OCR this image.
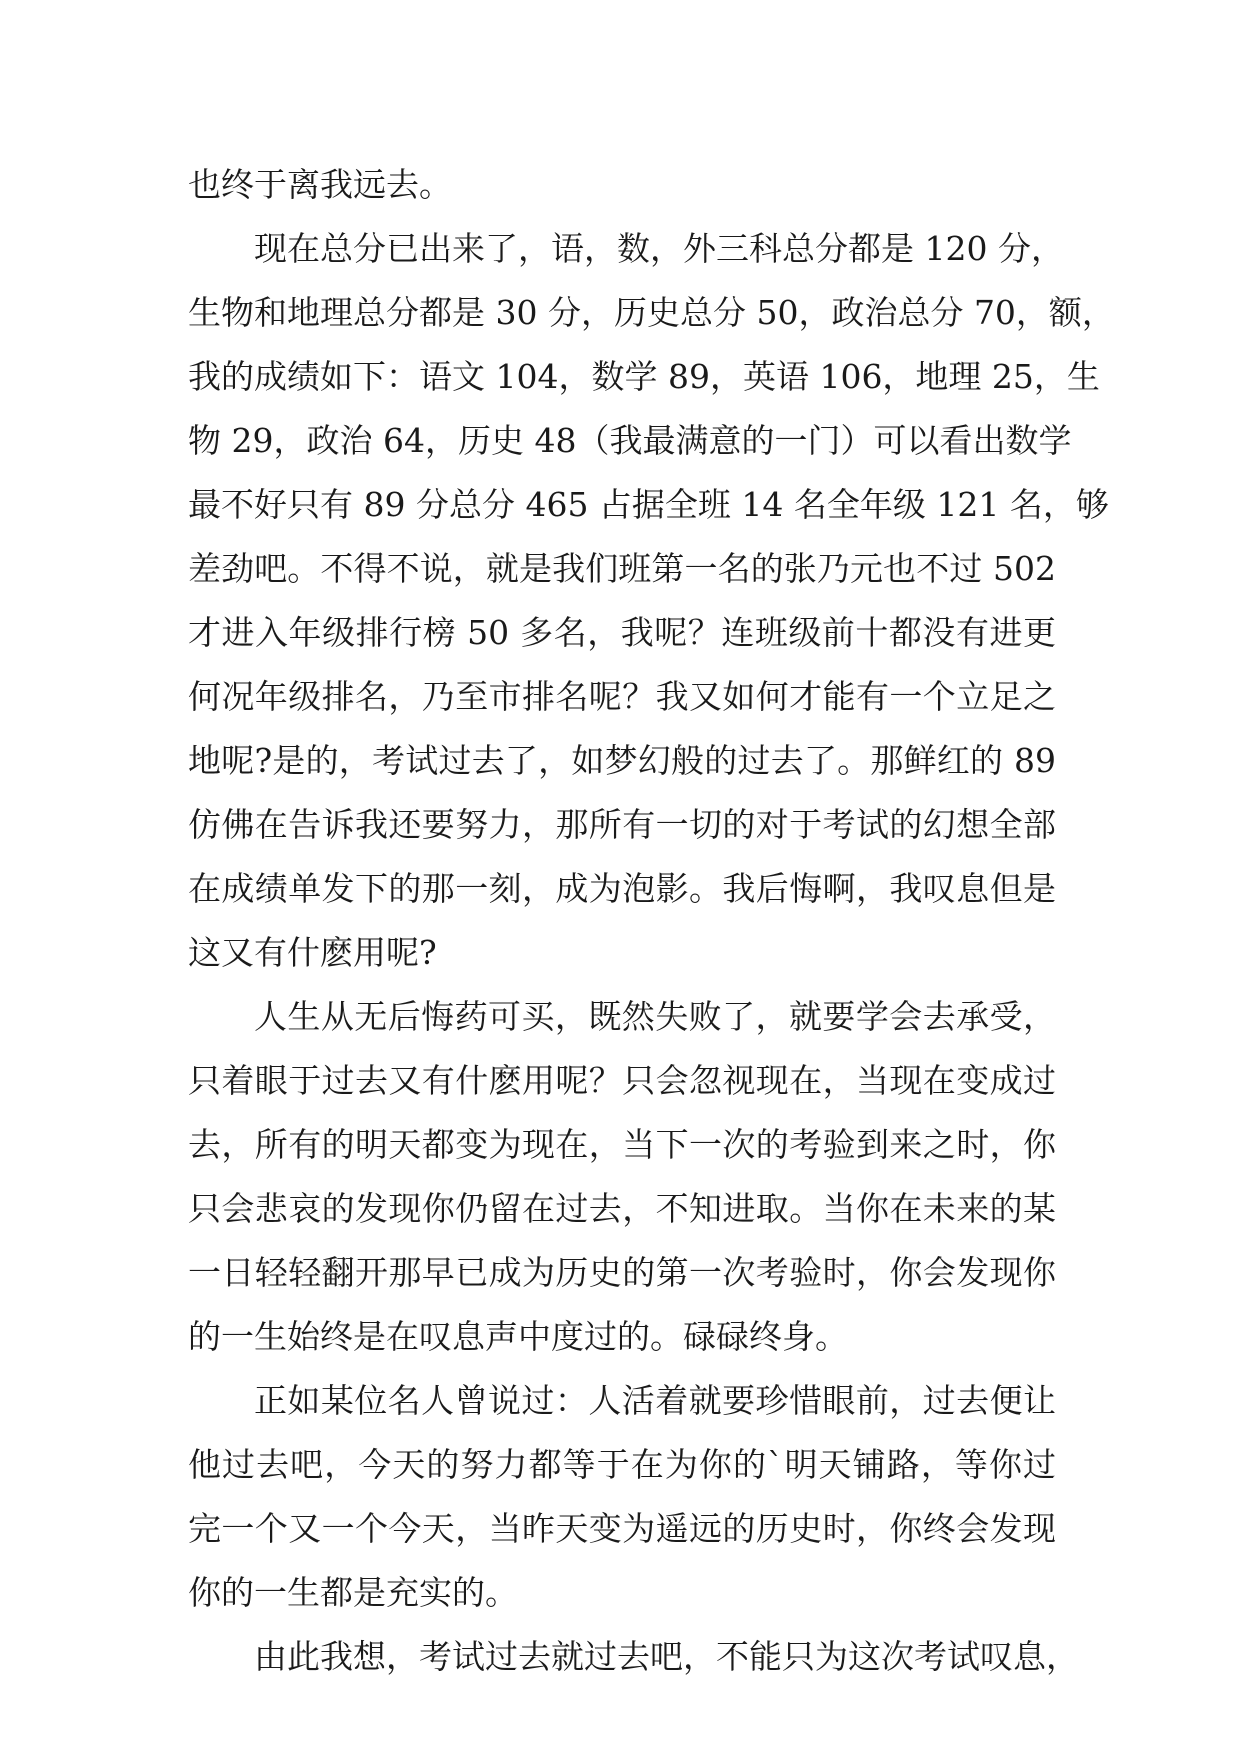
也终于离我远去。
现在总分已出来了，语，数，外三科总分都是 120 分，
生物和地理总分都是 30 分，历史总分 50，政治总分 70，额，
我的成绩如下：语文 104，数学 89，英语 106，地理 25，生
物 29，政治 64，历史 48（我最满意的一门）可以看出数学
最不好只有 89 分总分 465 占据全班 14 名全年级 121 名，够
差劲吧。不得不说，就是我们班第一名的张乃元也不过 502
才进入年级排行榜 50 多名，我呢？连班级前十都没有进更
何况年级排名，乃至市排名呢？我又如何才能有一个立足之
地呢?是的，考试过去了，如梦幻般的过去了。那鲜红的 89
仿佛在告诉我还要努力，那所有一切的对于考试的幻想全部
在成绩单发下的那一刻，成为泡影。我后悔啊，我叹息但是
这又有什麽用呢?
人生从无后悔药可买，既然失败了，就要学会去承受，
只着眼于过去又有什麽用呢？只会忽视现在，当现在变成过
去，所有的明天都变为现在，当下一次的考验到来之时，你
只会悲哀的发现你仍留在过去，不知进取。当你在未来的某
一日轻轻翻开那早已成为历史的第一次考验时，你会发现你
的一生始终是在叹息声中度过的。碌碌终身。
正如某位名人曾说过：人活着就要珍惜眼前，过去便让
他过去吧，今天的努力都等于在为你的`明天铺路，等你过
完一个又一个今天，当昨天变为遥远的历史时，你终会发现
你的一生都是充实的。
由此我想，考试过去就过去吧，不能只为这次考试叹息，
